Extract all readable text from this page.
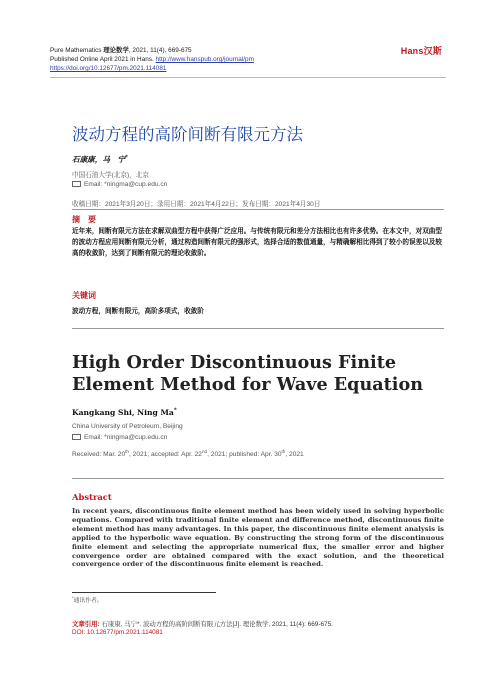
Pure Mathematics 理论数学, 2021, 11(4), 669-675
Published Online April 2021 in Hans. http://www.hanspub.org/journal/pm
https://doi.org/10.12677/pm.2021.114081
Hans汉斯
波动方程的高阶间断有限元方法
石康康，马　宁*
中国石油大学(北京)，北京
Email: *ningma@cup.edu.cn
收稿日期：2021年3月20日；录用日期：2021年4月22日；发布日期：2021年4月30日
摘　要
近年来，间断有限元方法在求解双曲型方程中获得广泛应用。与传统有限元和差分方法相比也有许多优势。在本文中，对双曲型的波动方程应用间断有限元分析，通过构造间断有限元的强形式，选择合适的数值通量，与精确解相比得到了较小的误差以及较高的收敛阶，达到了间断有限元的理论收敛阶。
关键词
波动方程，间断有限元，高阶多项式，收敛阶
High Order Discontinuous Finite Element Method for Wave Equation
Kangkang Shi, Ning Ma*
China University of Petroleum, Beijing
Email: *ningma@cup.edu.cn
Received: Mar. 20th, 2021; accepted: Apr. 22nd, 2021; published: Apr. 30th, 2021
Abstract
In recent years, discontinuous finite element method has been widely used in solving hyperbolic equations. Compared with traditional finite element and difference method, discontinuous finite element method has many advantages. In this paper, the discontinuous finite element analysis is applied to the hyperbolic wave equation. By constructing the strong form of the discontinuous finite element and selecting the appropriate numerical flux, the smaller error and higher convergence order are obtained compared with the exact solution, and the theoretical convergence order of the discontinuous finite element is reached.
*通讯作者。
文章引用: 石康康, 马宁*. 波动方程的高阶间断有限元方法[J]. 理论数学, 2021, 11(4): 669-675.
DOI: 10.12677/pm.2021.114081
